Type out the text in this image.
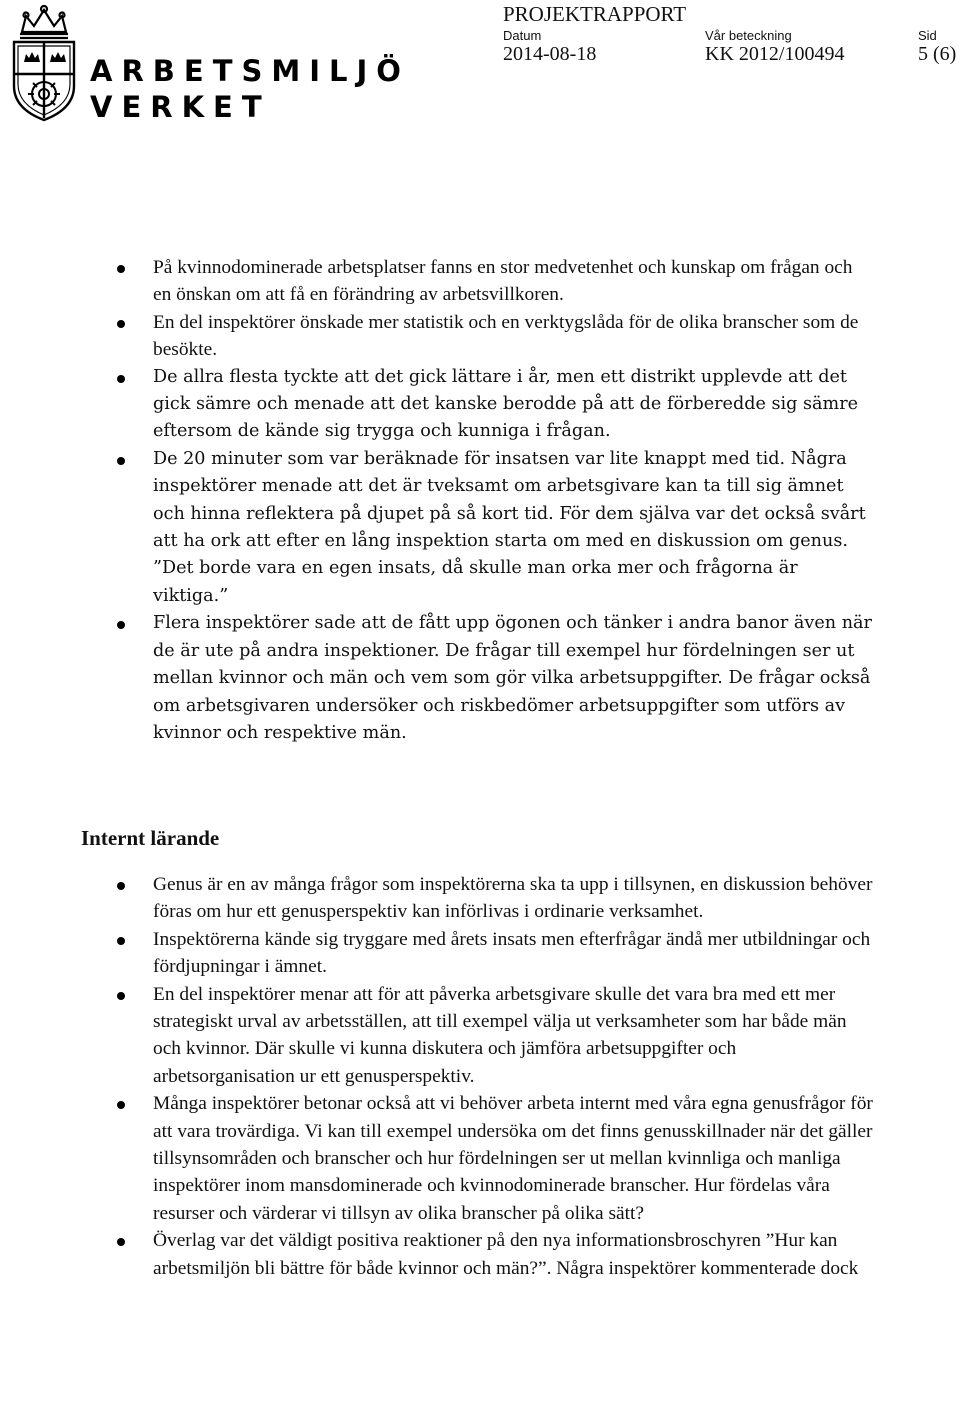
ARBETSMILJÖ
VERKET
PROJEKTRAPPORT
Datum
2014-08-18
Vår beteckning
KK 2012/100494
Sid
5 (6)
På kvinnodominerade arbetsplatser fanns en stor medvetenhet och kunskap om frågan och en önskan om att få en förändring av arbetsvillkoren.
En del inspektörer önskade mer statistik och en verktygslåda för de olika branscher som de besökte.
De allra flesta tyckte att det gick lättare i år, men ett distrikt upplevde att det gick sämre och menade att det kanske berodde på att de förberedde sig sämre eftersom de kände sig trygga och kunniga i frågan.
De 20 minuter som var beräknade för insatsen var lite knappt med tid. Några inspektörer menade att det är tveksamt om arbetsgivare kan ta till sig ämnet och hinna reflektera på djupet på så kort tid. För dem själva var det också svårt att ha ork att efter en lång inspektion starta om med en diskussion om genus. ”Det borde vara en egen insats, då skulle man orka mer och frågorna är viktiga.”
Flera inspektörer sade att de fått upp ögonen och tänker i andra banor även när de är ute på andra inspektioner. De frågar till exempel hur fördelningen ser ut mellan kvinnor och män och vem som gör vilka arbetsuppgifter. De frågar också om arbetsgivaren undersöker och riskbedömer arbetsuppgifter som utförs av kvinnor och respektive män.
Internt lärande
Genus är en av många frågor som inspektörerna ska ta upp i tillsynen, en diskussion behöver föras om hur ett genusperspektiv kan införlivas i ordinarie verksamhet.
Inspektörerna kände sig tryggare med årets insats men efterfrågar ändå mer utbildningar och fördjupningar i ämnet.
En del inspektörer menar att för att påverka arbetsgivare skulle det vara bra med ett mer strategiskt urval av arbetsställen, att till exempel välja ut verksamheter som har både män och kvinnor. Där skulle vi kunna diskutera och jämföra arbetsuppgifter och arbetsorganisation ur ett genusperspektiv.
Många inspektörer betonar också att vi behöver arbeta internt med våra egna genusfrågor för att vara trovärdiga. Vi kan till exempel undersöka om det finns genusskillnader när det gäller tillsynsområden och branscher och hur fördelningen ser ut mellan kvinnliga och manliga inspektörer inom mansdominerade och kvinnodominerade branscher. Hur fördelas våra resurser och värderar vi tillsyn av olika branscher på olika sätt?
Överlag var det väldigt positiva reaktioner på den nya informationsbroschyren ”Hur kan arbetsmiljön bli bättre för både kvinnor och män?”. Några inspektörer kommenterade dock
